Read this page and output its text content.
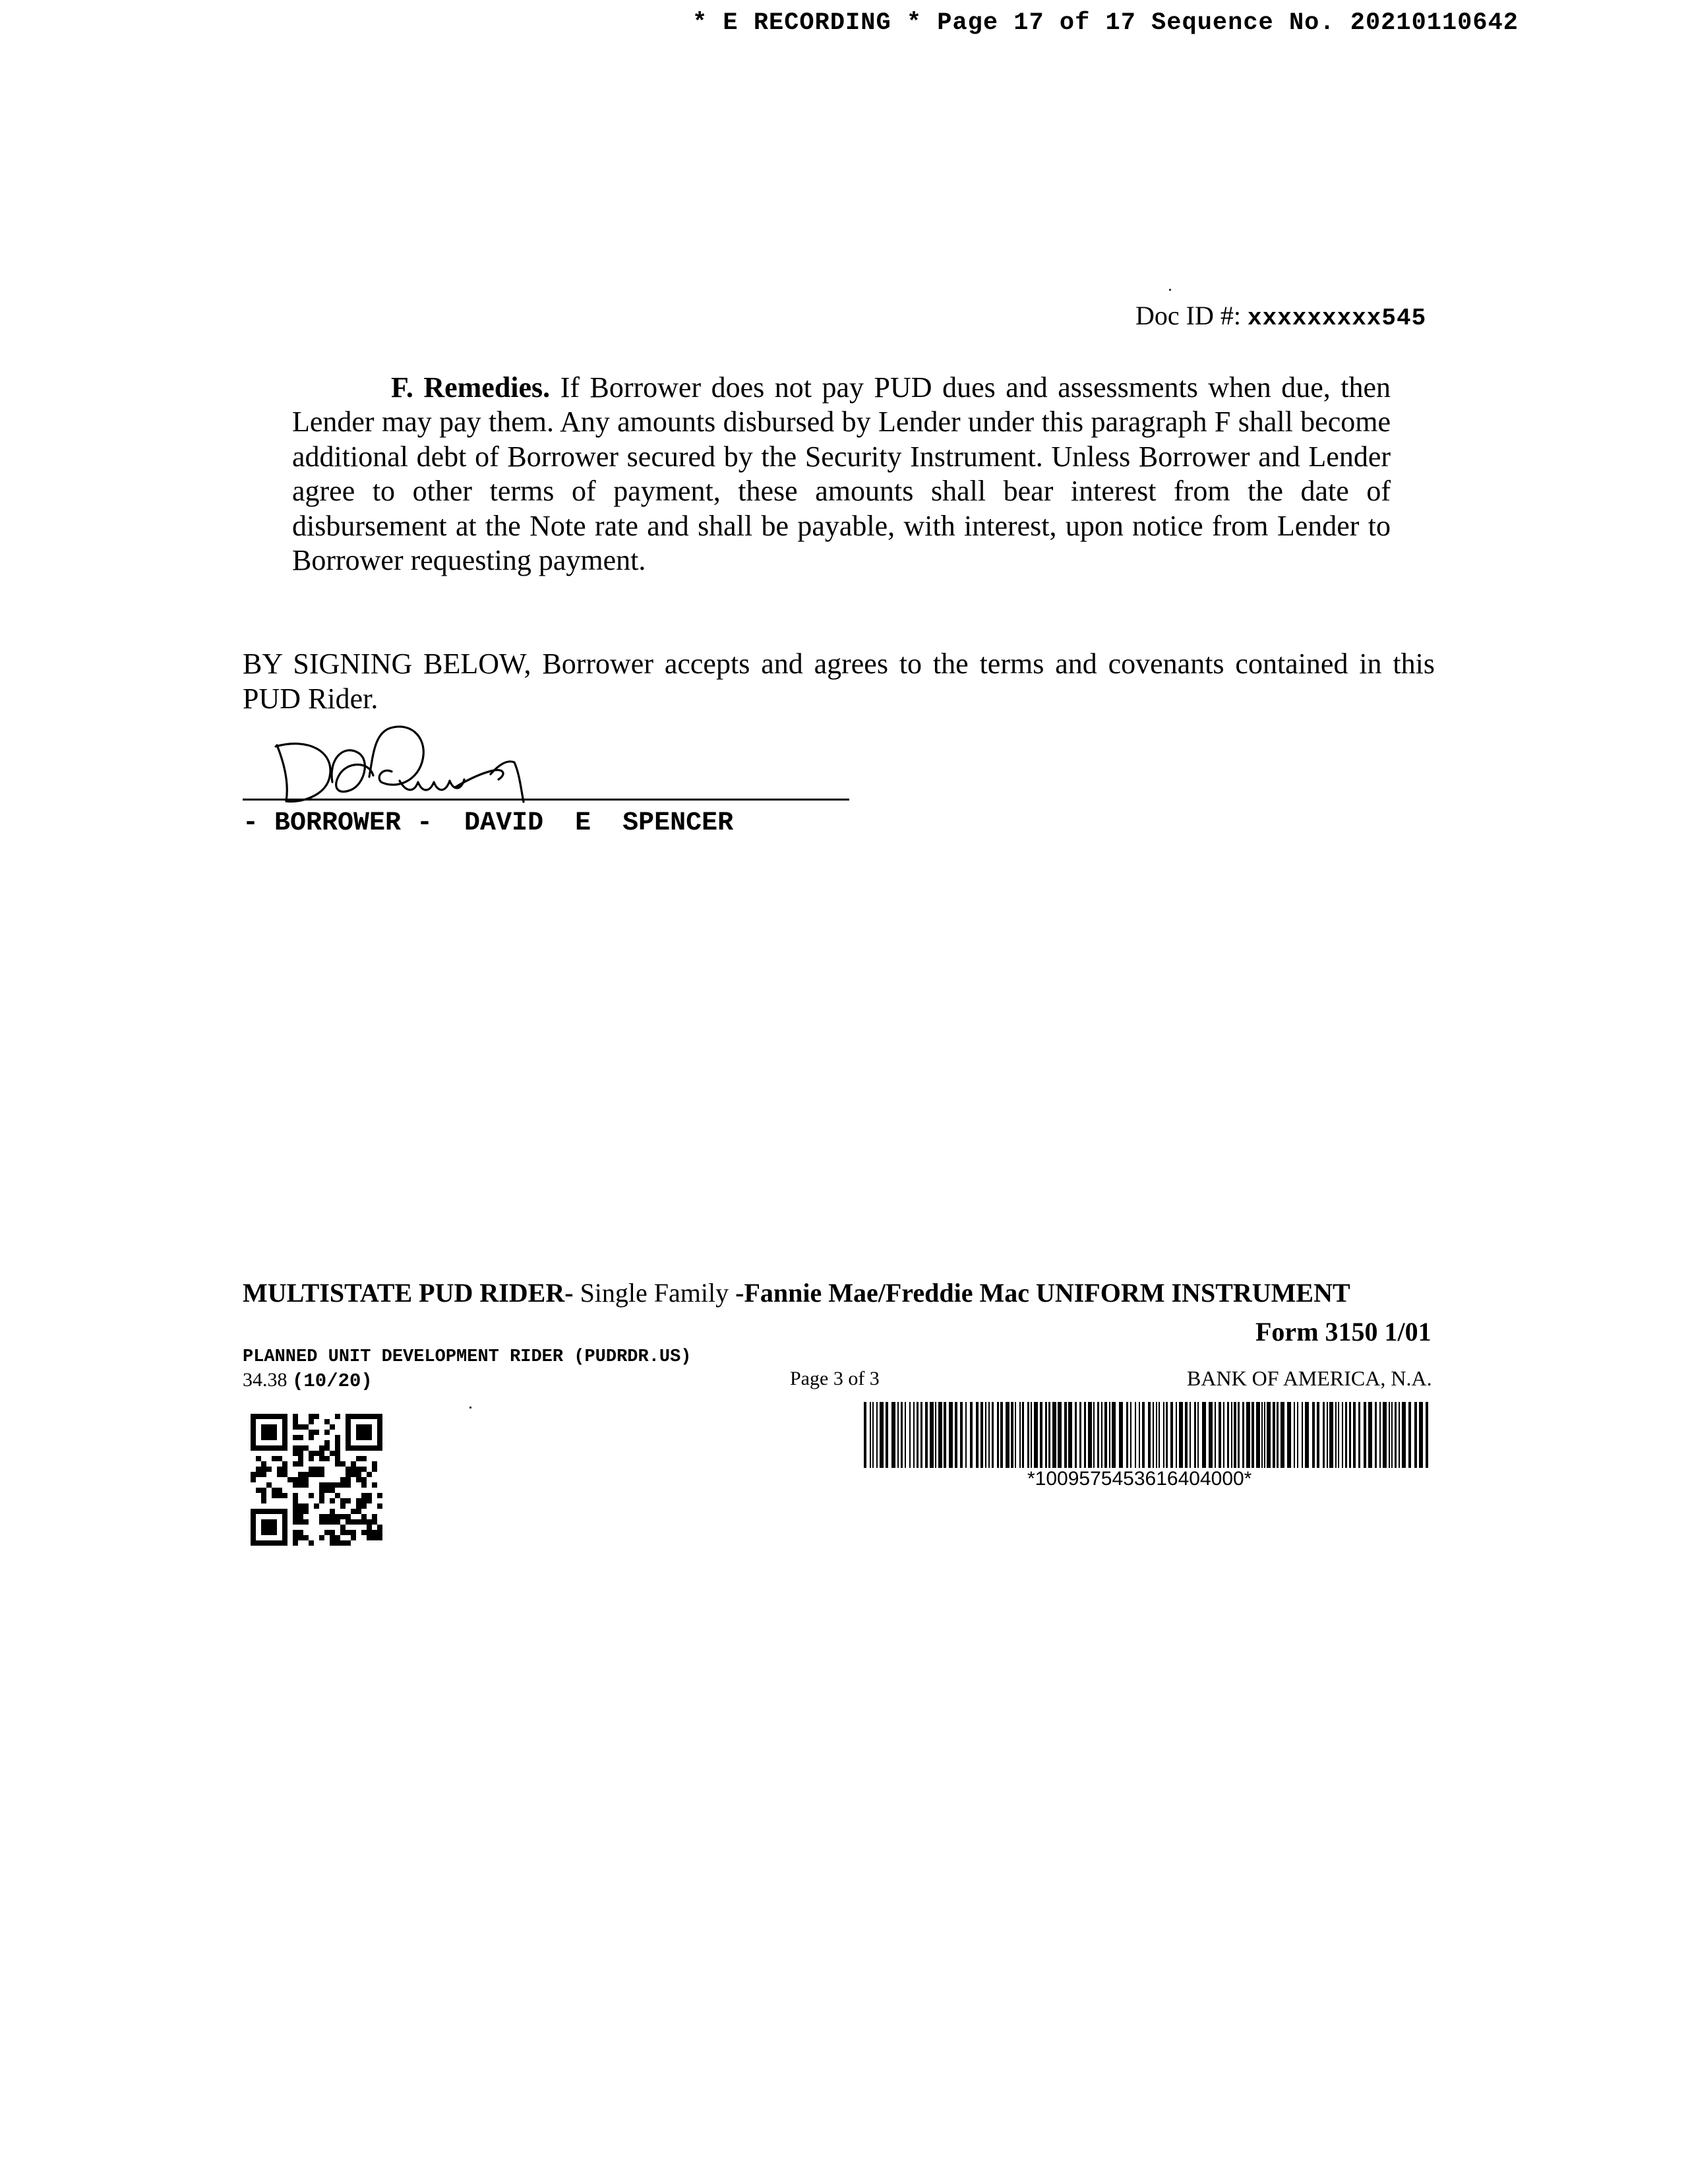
* E RECORDING * Page 17 of 17 Sequence No. 20210110642
Doc ID #: xxxxxxxxx545
F. Remedies. If Borrower does not pay PUD dues and assessments when due, then Lender may pay them. Any amounts disbursed by Lender under this paragraph F shall become additional debt of Borrower secured by the Security Instrument. Unless Borrower and Lender agree to other terms of payment, these amounts shall bear interest from the date of disbursement at the Note rate and shall be payable, with interest, upon notice from Lender to Borrower requesting payment.
BY SIGNING BELOW, Borrower accepts and agrees to the terms and covenants contained in this PUD Rider.
- BORROWER -  DAVID  E  SPENCER
MULTISTATE PUD RIDER- Single Family -Fannie Mae/Freddie Mac UNIFORM INSTRUMENT
Form 3150 1/01
PLANNED UNIT DEVELOPMENT RIDER (PUDRDR.US)
34.38 (10/20)	Page 3 of 3	BANK OF AMERICA, N.A.
*1009575453616404000*
